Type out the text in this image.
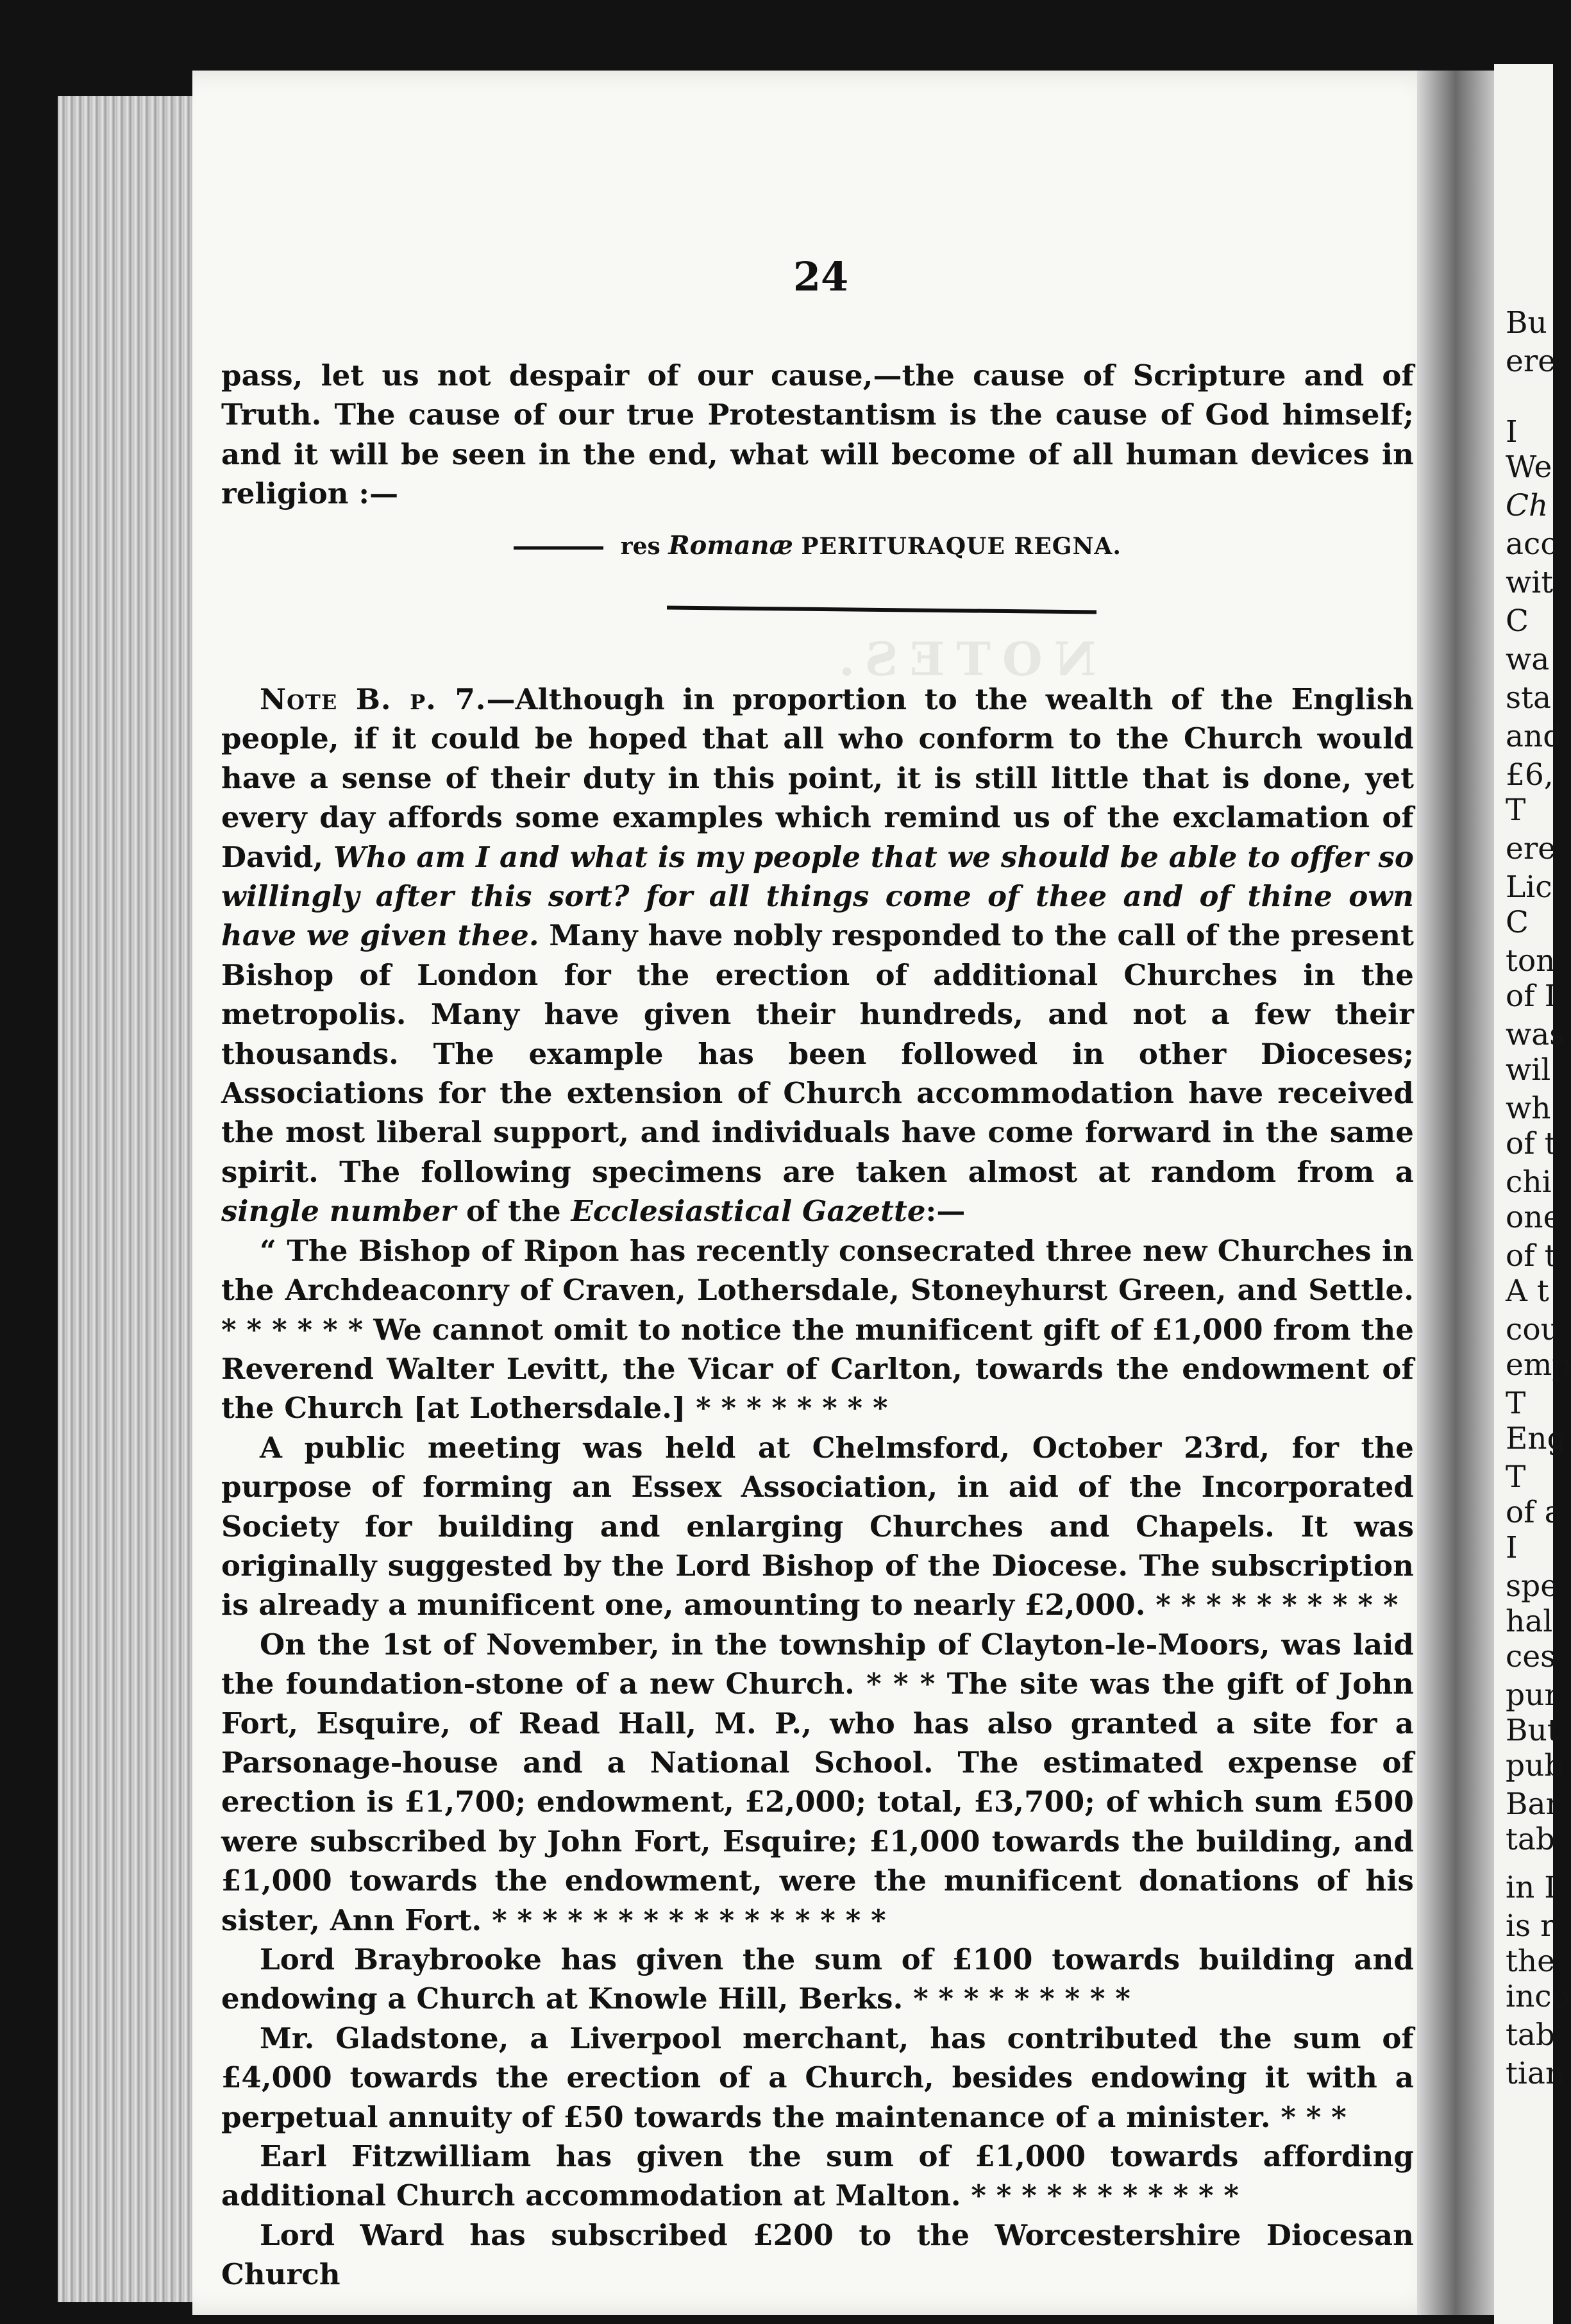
24

Bu

ere

I

We

Ch

acc

wit

C

wa

sta

and

£6,

T

ere

Lic

C

ton

of I

was

wil

wh

of t

chi

one

of t

A t

cou

emp

T

Eng

T

of a

I

spe

hal

ces

pur

But

pub

Bar

tab

in I

is r

the

inco

tab

tian

pass, let us not despair of our cause,—the cause of Scripture and of Truth. The cause of our true Protestantism is the cause of God himself; and it will be seen in the end, what will become of all human devices in religion :—

res Romanæ PERITURAQUE REGNA.

NOTES.

Note B. p. 7.—Although in proportion to the wealth of the English people, if it could be hoped that all who conform to the Church would have a sense of their duty in this point, it is still little that is done, yet every day affords some examples which remind us of the exclamation of David, Who am I and what is my people that we should be able to offer so willingly after this sort? for all things come of thee and of thine own have we given thee. Many have nobly responded to the call of the present Bishop of London for the erection of additional Churches in the metropolis. Many have given their hundreds, and not a few their thousands. The example has been followed in other Dioceses; Associations for the extension of Church accommodation have received the most liberal support, and individuals have come forward in the same spirit. The following specimens are taken almost at random from a single number of the Ecclesiastical Gazette:—

“ The Bishop of Ripon has recently consecrated three new Churches in the Archdeaconry of Craven, Lothersdale, Stoneyhurst Green, and Settle. * * * * * * We cannot omit to notice the munificent gift of £1,000 from the Reverend Walter Levitt, the Vicar of Carlton, towards the endowment of the Church [at Lothersdale.] * * * * * * * *

A public meeting was held at Chelmsford, October 23rd, for the purpose of forming an Essex Association, in aid of the Incorporated Society for building and enlarging Churches and Chapels. It was originally suggested by the Lord Bishop of the Diocese. The subscription is already a munificent one, amounting to nearly £2,000. * * * * * * * * * *

On the 1st of November, in the township of Clayton-le-Moors, was laid the foundation-stone of a new Church. * * * The site was the gift of John Fort, Esquire, of Read Hall, M. P., who has also granted a site for a Parsonage-house and a National School. The estimated expense of erection is £1,700; endowment, £2,000; total, £3,700; of which sum £500 were subscribed by John Fort, Esquire; £1,000 towards the building, and £1,000 towards the endowment, were the munificent donations of his sister, Ann Fort. * * * * * * * * * * * * * * * *

Lord Braybrooke has given the sum of £100 towards building and endowing a Church at Knowle Hill, Berks. * * * * * * * * *

Mr. Gladstone, a Liverpool merchant, has contributed the sum of £4,000 towards the erection of a Church, besides endowing it with a perpetual annuity of £50 towards the maintenance of a minister. * * *

Earl Fitzwilliam has given the sum of £1,000 towards affording additional Church accommodation at Malton. * * * * * * * * * * *

Lord Ward has subscribed £200 to the Worcestershire Diocesan Church
